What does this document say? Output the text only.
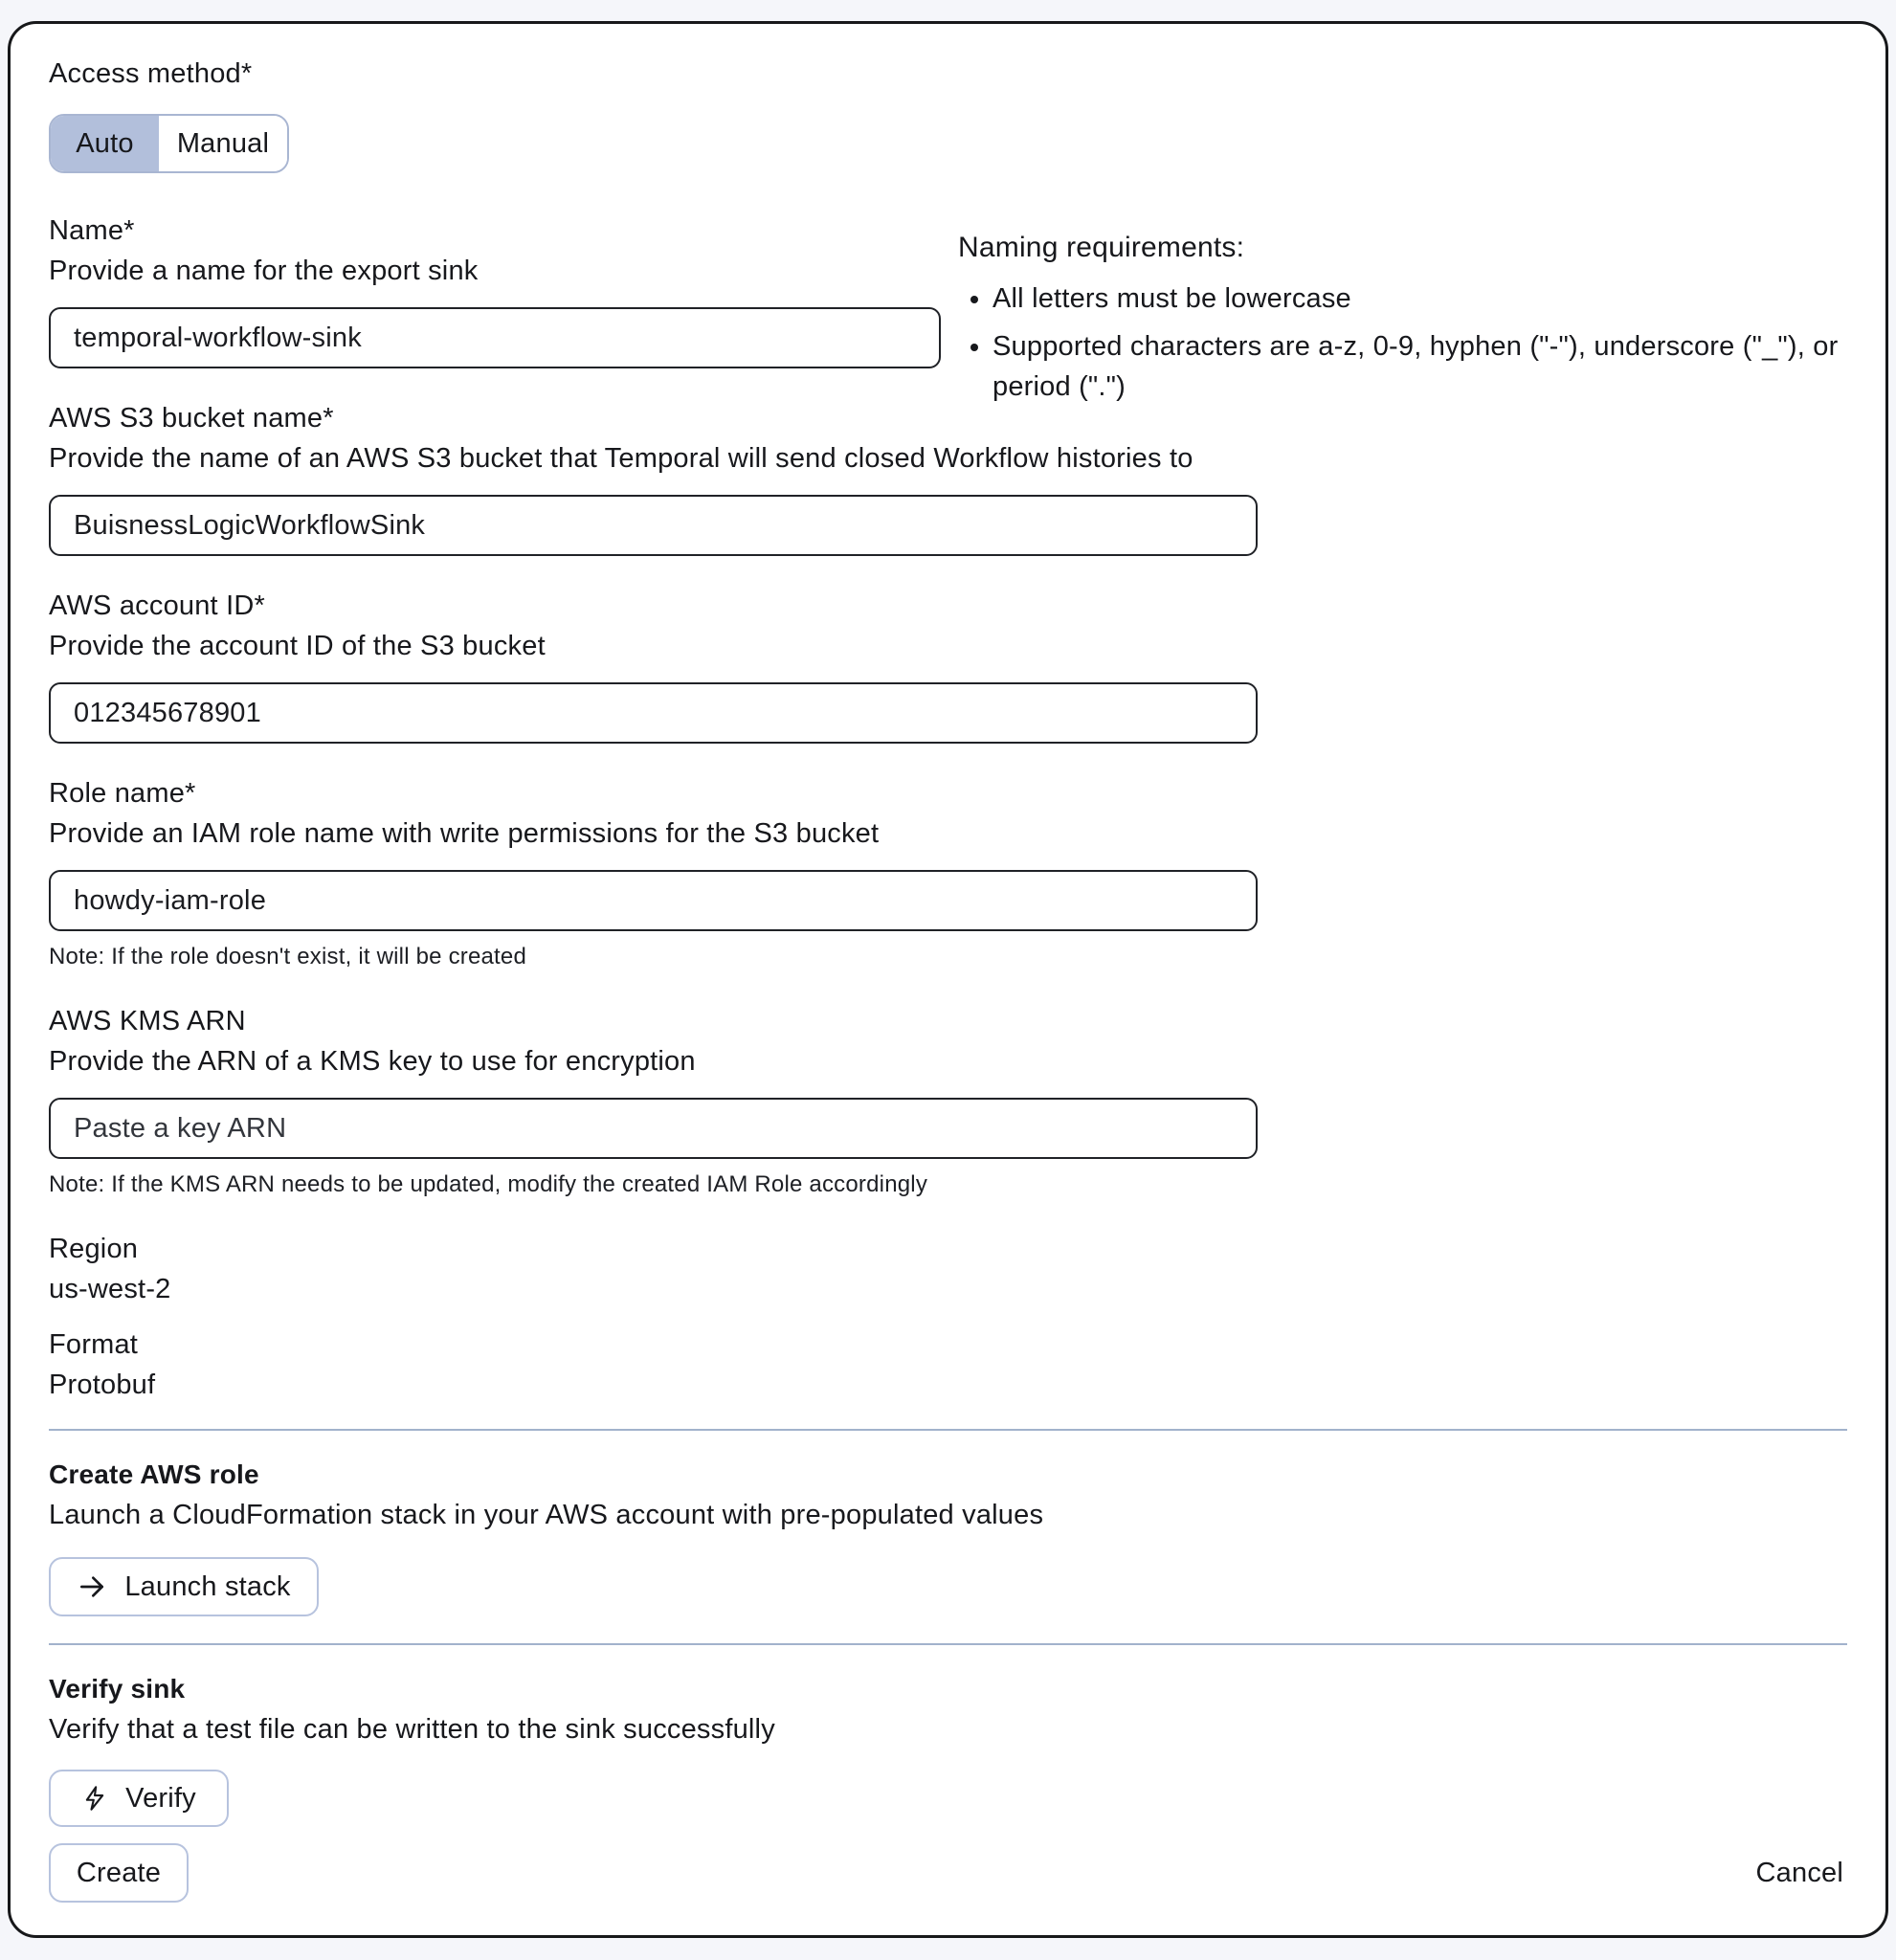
Access method*
Auto	Manual
Name*
Provide a name for the export sink
temporal-workflow-sink
AWS S3 bucket name*
Provide the name of an AWS S3 bucket that Temporal will send closed Workflow histories to
BuisnessLogicWorkflowSink
AWS account ID*
Provide the account ID of the S3 bucket
012345678901
Role name*
Provide an IAM role name with write permissions for the S3 bucket
howdy-iam-role
Note: If the role doesn't exist, it will be created
AWS KMS ARN
Provide the ARN of a KMS key to use for encryption
Paste a key ARN
Note: If the KMS ARN needs to be updated, modify the created IAM Role accordingly
Region
us-west-2
Format
Protobuf
Create AWS role
Launch a CloudFormation stack in your AWS account with pre-populated values
Launch stack
Verify sink
Verify that a test file can be written to the sink successfully
Verify
Naming requirements:
• All letters must be lowercase
• Supported characters are a-z, 0-9, hyphen ("-"), underscore ("_"), or period (".")
Create	Cancel
